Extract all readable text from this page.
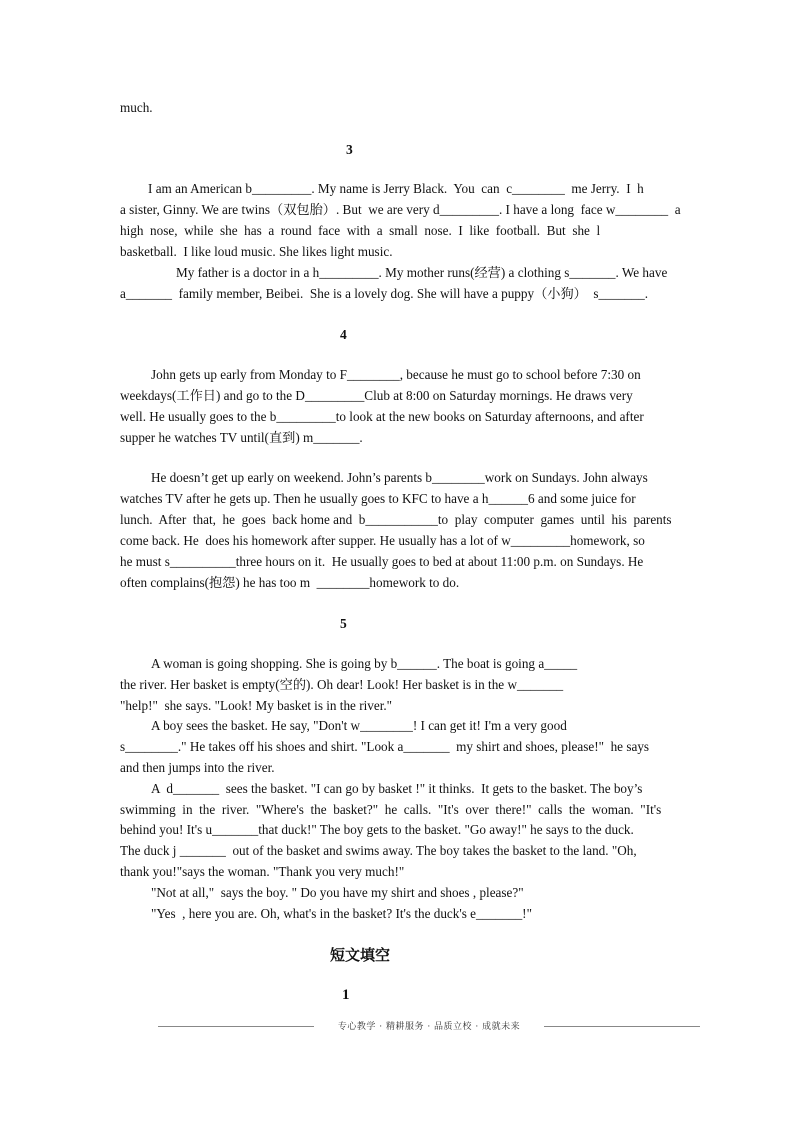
much.
3
I am an American b_________. My name is Jerry Black.  You  can  c________  me Jerry.  I  h
a sister, Ginny. We are twins（双包胎）. But  we are very d_________. I have a long  face w________  a
high  nose,  while  she  has  a  round  face  with  a  small  nose.  I  like  football.  But  she  l
basketball.  I like loud music. She likes light music.
My father is a doctor in a h_________. My mother runs(经营) a clothing s_______. We have
a_______  family member, Beibei.  She is a lovely dog. She will have a puppy（小狗）  s_______.
4
John gets up early from Monday to F________, because he must go to school before 7:30 on
weekdays(工作日) and go to the D_________Club at 8:00 on Saturday mornings. He draws very
well. He usually goes to the b_________to look at the new books on Saturday afternoons, and after
supper he watches TV until(直到) m_______.
He doesn’t get up early on weekend. John’s parents b________work on Sundays. John always
watches TV after he gets up. Then he usually goes to KFC to have a h______6 and some juice for
lunch.  After  that,  he  goes  back home and  b___________to  play  computer  games  until  his  parents
come back. He  does his homework after supper. He usually has a lot of w_________homework, so
he must s__________three hours on it.  He usually goes to bed at about 11:00 p.m. on Sundays. He
often complains(抱怨) he has too m  ________homework to do.
5
A woman is going shopping. She is going by b______. The boat is going a_____
the river. Her basket is empty(空的). Oh dear! Look! Her basket is in the w_______
"help!"  she says. "Look! My basket is in the river."
A boy sees the basket. He say, "Don't w________! I can get it! I'm a very good
s________." He takes off his shoes and shirt. "Look a_______  my shirt and shoes, please!"  he says
and then jumps into the river.
A  d_______  sees the basket. "I can go by basket !" it thinks.  It gets to the basket. The boy’s
swimming  in  the  river.  "Where's  the  basket?"  he  calls.  "It's  over  there!"  calls  the  woman.  "It's
behind you! It's u_______that duck!" The boy gets to the basket. "Go away!" he says to the duck.
The duck j _______  out of the basket and swims away. The boy takes the basket to the land. "Oh,
thank you!"says the woman. "Thank you very much!"
"Not at all,"  says the boy. " Do you have my shirt and shoes , please?"
"Yes  , here you are. Oh, what's in the basket? It's the duck's e_______!"
短文填空
1
专心教学 · 精耕服务 · 品质立校 · 成就未来
